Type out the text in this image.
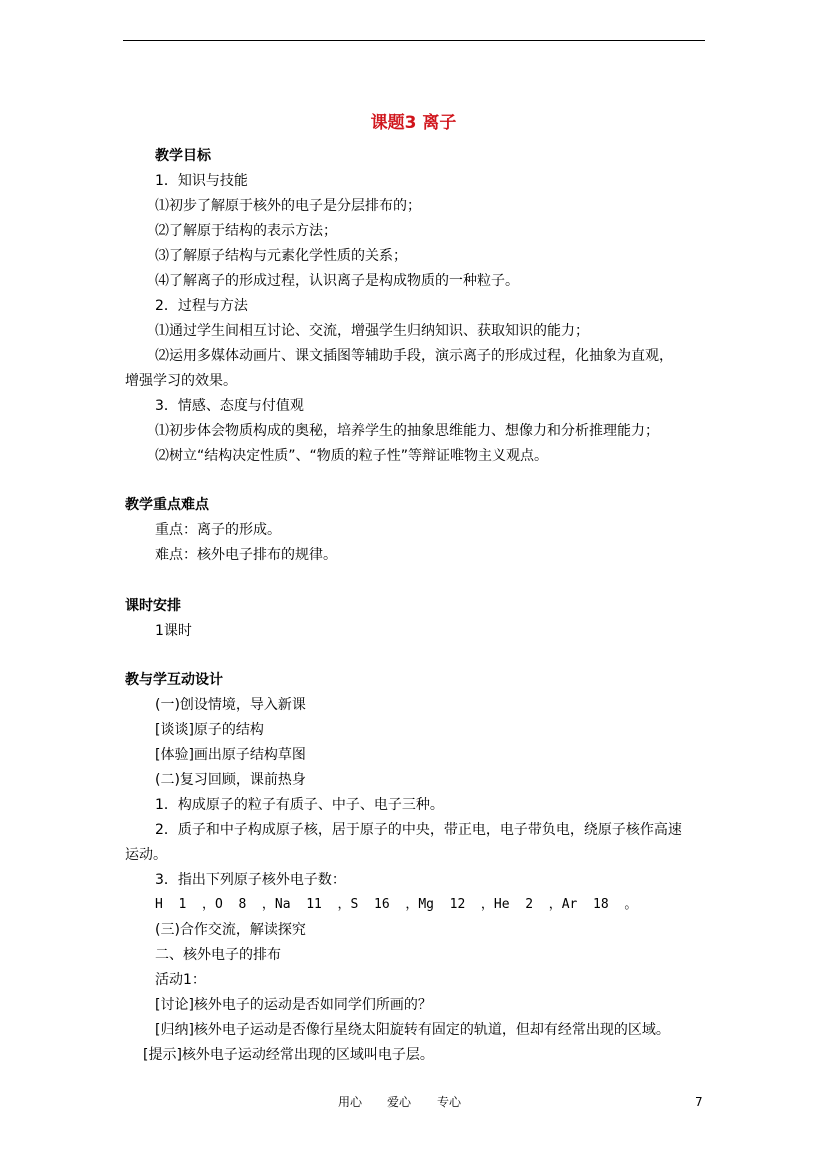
课题3 离子
教学目标
1．知识与技能
⑴初步了解原于核外的电子是分层排布的；
⑵了解原于结构的表示方法；
⑶了解原子结构与元素化学性质的关系；
⑷了解离子的形成过程，认识离子是构成物质的一种粒子。
2．过程与方法
⑴通过学生间相互讨论、交流，增强学生归纳知识、获取知识的能力；
⑵运用多媒体动画片、课文插图等辅助手段，演示离子的形成过程，化抽象为直观，
增强学习的效果。
3．情感、态度与付值观
⑴初步体会物质构成的奥秘，培养学生的抽象思维能力、想像力和分析推理能力；
⑵树立“结构决定性质”、“物质的粒子性”等辩证唯物主义观点。
教学重点难点
重点：离子的形成。
难点：核外电子排布的规律。
课时安排
1课时
教与学互动设计
(一)创设情境，导入新课
[谈谈]原子的结构
[体验]画出原子结构草图
(二)复习回顾，课前热身
1．构成原子的粒子有质子、中子、电子三种。
2．质子和中子构成原子核，居于原子的中央，带正电，电子带负电，绕原子核作高速
运动。
3．指出下列原子核外电子数：
H  1  ，O  8  ，Na  11  ，S  16  ，Mg  12  ，He  2  ，Ar  18  。
(三)合作交流，解读探究
二、核外电子的排布
活动1：
[讨论]核外电子的运动是否如同学们所画的？
[归纳]核外电子运动是否像行星绕太阳旋转有固定的轨道，但却有经常出现的区域。
[提示]核外电子运动经常出现的区域叫电子层。
用心 爱心 专心	7
